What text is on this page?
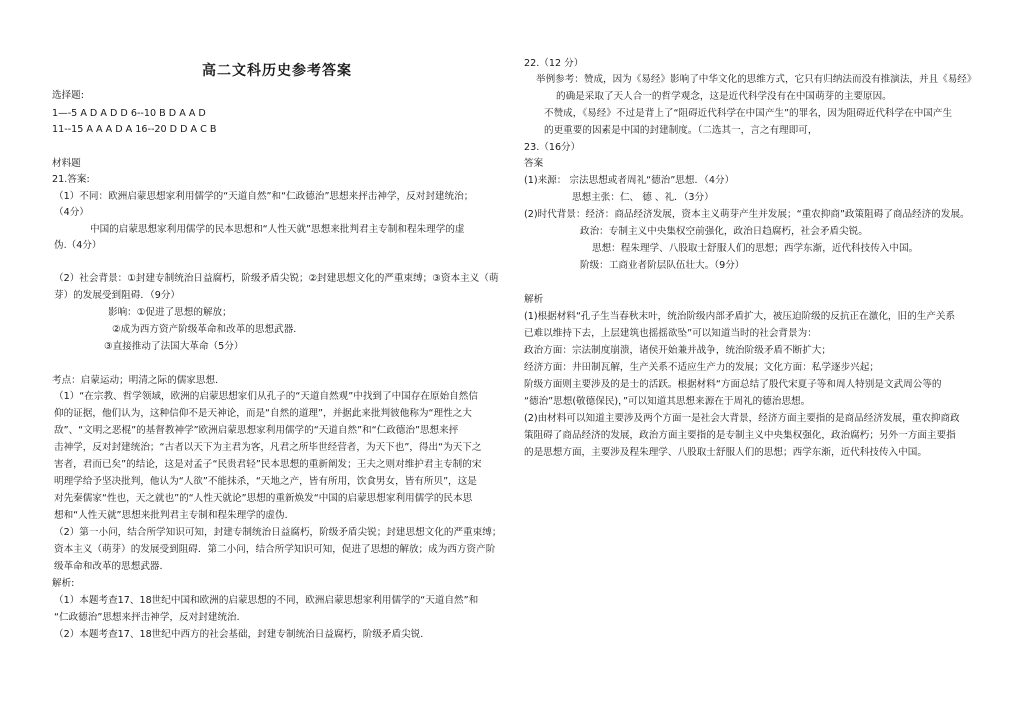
高二文科历史参考答案
选择题:
1—-5 A D A D D 6--10 B D A A D
11--15 A A A D A 16--20 D D A C B
材料题
21.答案:
（1）不同：欧洲启蒙思想家利用儒学的“天道自然”和“仁政德治”思想来抨击神学，反对封建统治；
（4分）
中国的启蒙思想家利用儒学的民本思想和“人性天就”思想来批判君主专制和程朱理学的虚
伪.（4分）
（2）社会背景：①封建专制统治日益腐朽，阶级矛盾尖锐；②封建思想文化的严重束缚；③资本主义（萌
芽）的发展受到阻碍．（9分）
影响：①促进了思想的解放；
②成为西方资产阶级革命和改革的思想武器．
③直接推动了法国大革命（5分）
考点：启蒙运动；明清之际的儒家思想．
（1）“在宗教、哲学领域，欧洲的启蒙思想家们从孔子的“天道自然观”中找到了中国存在原始自然信
仰的证据，他们认为，这种信仰不是天神论，而是“自然的道理”，并据此来批判彼他称为“理性之大
敌”、“文明之恶棍”的基督教神学”欧洲启蒙思想家利用儒学的“天道自然”和“仁政德治”思想来抨
击神学，反对封建统治；“古者以天下为主君为客，凡君之所毕世经营者，为天下也”，得出“为天下之
害者，君而已矣”的结论，这是对孟子“民贵君轻”民本思想的重新阐发；王夫之则对维护君主专制的宋
明理学给予坚决批判，他认为“人欲”不能抹杀，“天地之产，皆有所用，饮食男女，皆有所贝”，这是
对先秦儒家“性也，天之就也”的“人性天就论”思想的重新焕发“中国的启蒙思想家利用儒学的民本思
想和“人性天就”思想来批判君主专制和程朱理学的虚伪．
（2）第一小问，结合所学知识可知，封建专制统治日益腐朽，阶级矛盾尖锐；封建思想文化的严重束缚；
资本主义（萌芽）的发展受到阻碍．第二小问，结合所学知识可知，促进了思想的解放；成为西方资产阶
级革命和改革的思想武器．
解析:
（1）本题考查17、18世纪中国和欧洲的启蒙思想的不同，欧洲启蒙思想家利用儒学的“天道自然”和
“仁政德治”思想来抨击神学，反对封建统治．
（2）本题考查17、18世纪中西方的社会基础，封建专制统治日益腐朽，阶级矛盾尖锐．
22.（12 分）
举例参考：赞成，因为《易经》影响了中华文化的思维方式，它只有归纳法而没有推演法，并且《易经》
的确是采取了天人合一的哲学观念，这是近代科学没有在中国萌芽的主要原因。
不赞成，《易经》不过是背上了“阻碍近代科学在中国产生”的罪名，因为阻碍近代科学在中国产生
的更重要的因素是中国的封建制度。（二选其一，言之有理即可，
23.（16分）
答案
(1)来源： 宗法思想或者周礼“德治”思想．（4分）
思想主张：仁、 德 、礼．（3分）
(2)时代背景：经济：商品经济发展，资本主义萌芽产生并发展；“重农抑商”政策阻碍了商品经济的发展。
政治：专制主义中央集权空前强化，政治日趋腐朽，社会矛盾尖锐。
思想：程朱理学、八股取士舒服人们的思想；西学东渐，近代科技传入中国。
阶级：工商业者阶层队伍壮大。（9分）
解析
(1)根据材料“孔子生当春秋末叶，统治阶级内部矛盾扩大，被压迫阶级的反抗正在激化，旧的生产关系
已难以维持下去，上层建筑也摇摇欲坠”可以知道当时的社会背景为：
政治方面：宗法制度崩溃，诸侯开始兼并战争，统治阶级矛盾不断扩大；
经济方面：井田制瓦解，生产关系不适应生产力的发展；文化方面：私学逐步兴起；
阶级方面则主要涉及的是士的活跃。根据材料“方面总结了殷代宋夏子等和周人特别是文武周公等的
“德治”思想(敬德保民)，”可以知道其思想来源在于周礼的德治思想。
(2)由材料可以知道主要涉及两个方面一是社会大背景，经济方面主要指的是商品经济发展，重农抑商政
策阻碍了商品经济的发展，政治方面主要指的是专制主义中央集权强化，政治腐朽；另外一方面主要指
的是思想方面，主要涉及程朱理学、八股取士舒服人们的思想；西学东渐，近代科技传入中国。
